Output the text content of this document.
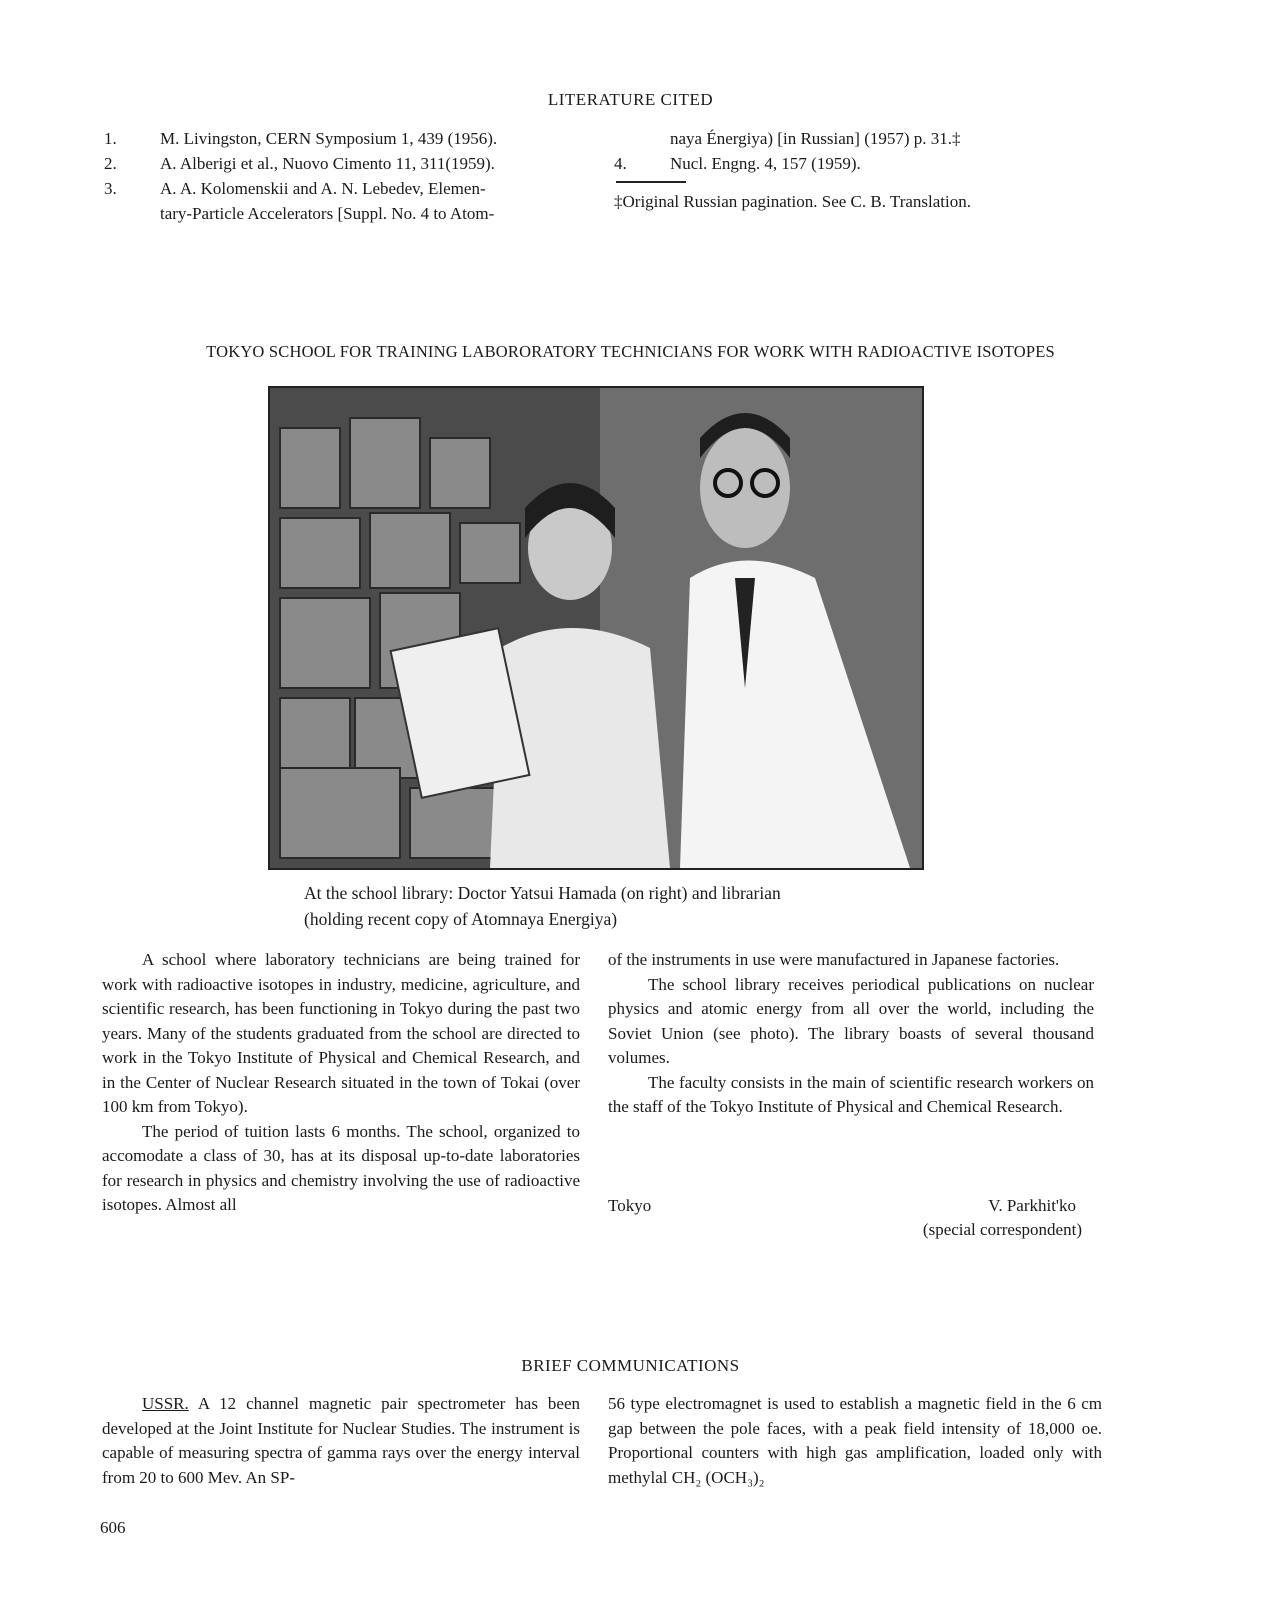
LITERATURE CITED
1.	M. Livingston, CERN Symposium 1, 439 (1956).
2.	A. Alberigi et al., Nuovo Cimento 11, 311(1959).
3.	A. A. Kolomenskii and A. N. Lebedev, Elemen-
tary-Particle Accelerators [Suppl. No. 4 to Atom-
naya Énergiya) [in Russian] (1957) p. 31.‡
4.	Nucl. Engng. 4, 157 (1959).
‡Original Russian pagination. See C. B. Translation.
TOKYO SCHOOL FOR TRAINING LABORORATORY TECHNICIANS FOR WORK WITH RADIOACTIVE ISOTOPES
At the school library: Doctor Yatsui Hamada (on right) and librarian
(holding recent copy of Atomnaya Energiya)

A school where laboratory technicians are being trained for work with radioactive isotopes in industry, medicine, agriculture, and scientific research, has been functioning in Tokyo during the past two years. Many of the students graduated from the school are directed to work in the Tokyo Institute of Physical and Chemical Research, and in the Center of Nuclear Research situated in the town of Tokai (over 100 km from Tokyo).

The period of tuition lasts 6 months. The school, organized to accomodate a class of 30, has at its disposal up-to-date laboratories for research in physics and chemistry involving the use of radioactive isotopes. Almost all

of the instruments in use were manufactured in Japanese factories.

The school library receives periodical publications on nuclear physics and atomic energy from all over the world, including the Soviet Union (see photo). The library boasts of several thousand volumes.

The faculty consists in the main of scientific research workers on the staff of the Tokyo Institute of Physical and Chemical Research.

Tokyo	V. Parkhit'ko
(special correspondent)
BRIEF COMMUNICATIONS

USSR. A 12 channel magnetic pair spectrometer has been developed at the Joint Institute for Nuclear Studies. The instrument is capable of measuring spectra of gamma rays over the energy interval from 20 to 600 Mev. An SP-

56 type electromagnet is used to establish a magnetic field in the 6 cm gap between the pole faces, with a peak field intensity of 18,000 oe. Proportional counters with high gas amplification, loaded only with methylal CH₂ (OCH₃)₂

606
